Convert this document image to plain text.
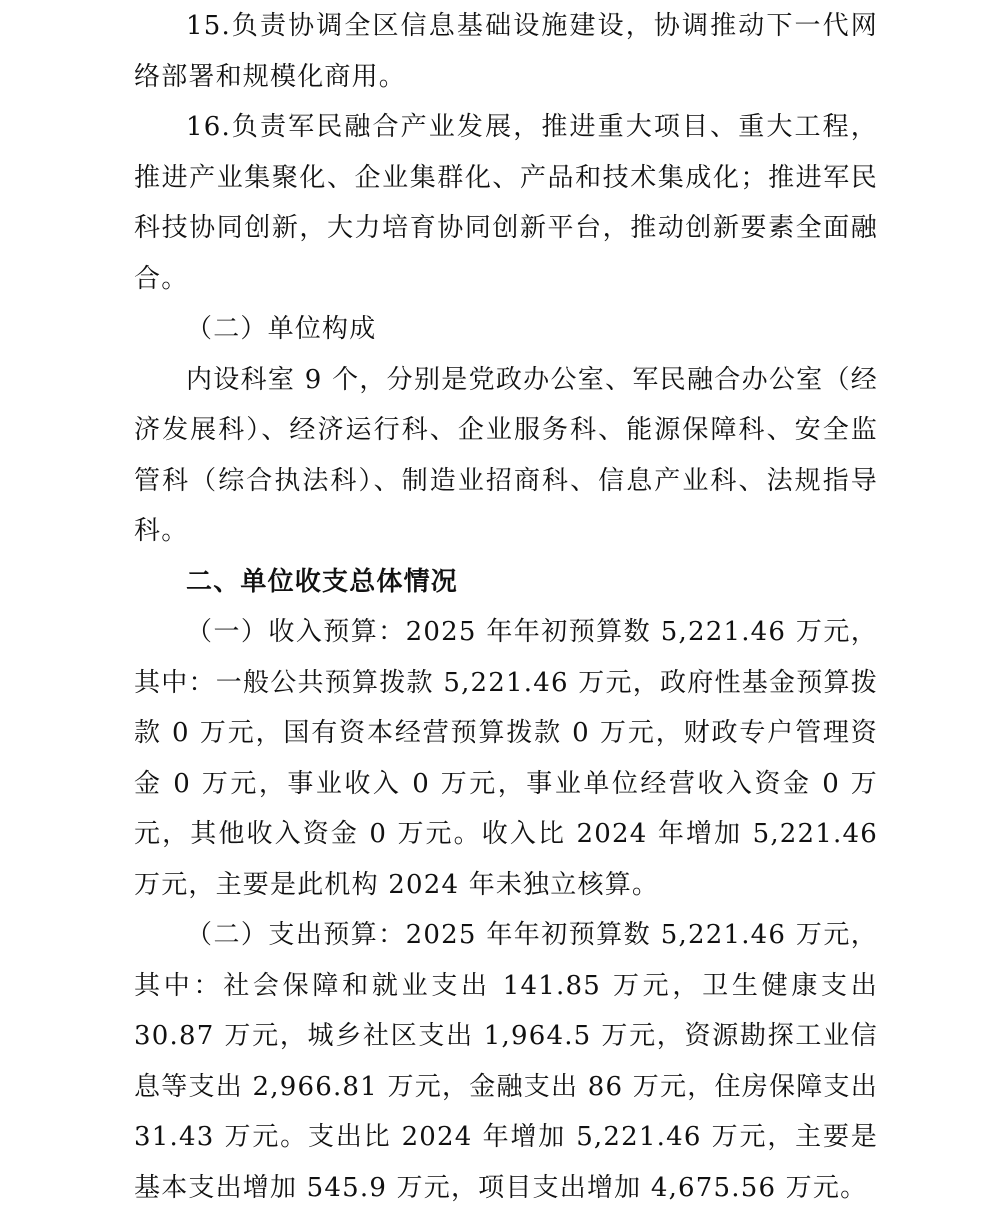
15.负责协调全区信息基础设施建设，协调推动下一代网络部署和规模化商用。

16.负责军民融合产业发展，推进重大项目、重大工程，推进产业集聚化、企业集群化、产品和技术集成化；推进军民科技协同创新，大力培育协同创新平台，推动创新要素全面融合。

（二）单位构成

内设科室 9 个，分别是党政办公室、军民融合办公室（经济发展科）、经济运行科、企业服务科、能源保障科、安全监管科（综合执法科）、制造业招商科、信息产业科、法规指导科。

二、单位收支总体情况

（一）收入预算：2025 年年初预算数 5,221.46 万元，其中：一般公共预算拨款 5,221.46 万元，政府性基金预算拨款 0 万元，国有资本经营预算拨款 0 万元，财政专户管理资金 0 万元，事业收入 0 万元，事业单位经营收入资金 0 万元，其他收入资金 0 万元。收入比 2024 年增加 5,221.46 万元，主要是此机构 2024 年未独立核算。

（二）支出预算：2025 年年初预算数 5,221.46 万元，其中：社会保障和就业支出 141.85 万元，卫生健康支出 30.87 万元，城乡社区支出 1,964.5 万元，资源勘探工业信息等支出 2,966.81 万元，金融支出 86 万元，住房保障支出 31.43 万元。支出比 2024 年增加 5,221.46 万元，主要是基本支出增加 545.9 万元，项目支出增加 4,675.56 万元。
